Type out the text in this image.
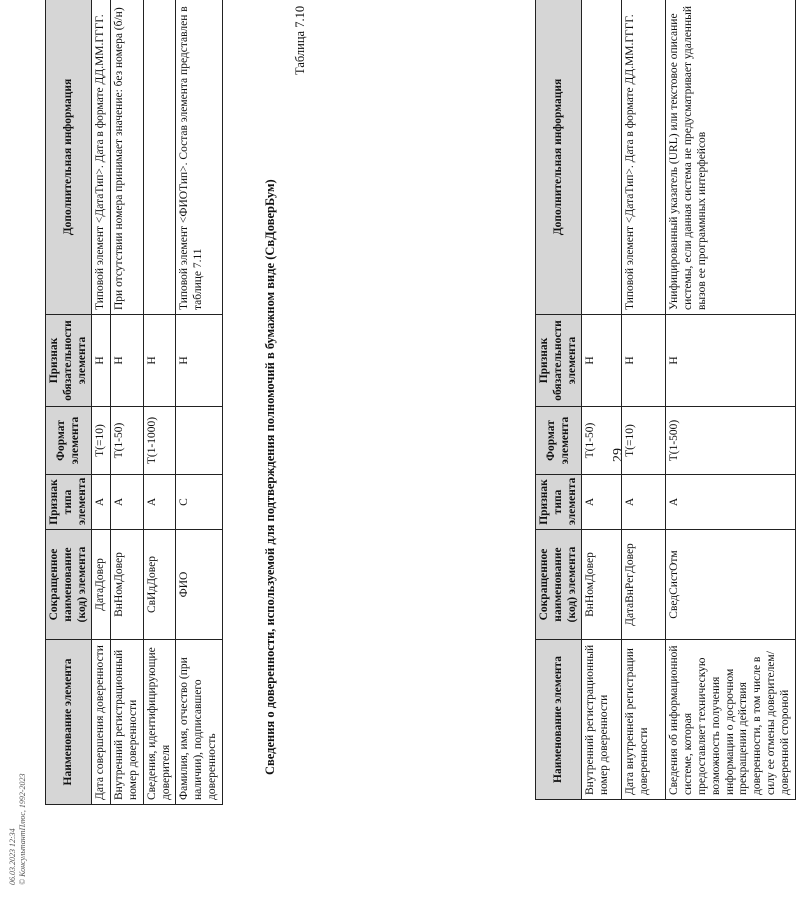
29
Наименование элемента	Сокращенное наименование (код) элемента	Признак типа элемента	Формат элемента	Признак обязательности элемента	Дополнительная информация
Внутренний регистрационный номер доверенности	ВнНомДовер	А	T(1-50)	Н	
Дата внутренней регистрации доверенности	ДатаВнРегДовер	А	T(=10)	Н	Типовой элемент <ДатаТип>. Дата в формате ДД.ММ.ГГГГ.
Сведения об информационной системе, которая предоставляет техническую возможность получения информации о досрочном прекращении действия доверенности, в том числе в силу ее отмены доверителем/доверенной стороной	СведСистОтм	А	T(1-500)	Н	Унифицированный указатель (URL) или текстовое описание системы, если данная система не предусматривает удаленный вызов ее программных интерфейсов
Таблица 7.10
Сведения о доверенности, используемой для подтверждения полномочий в бумажном виде (СвДоверБум)
Наименование элемента	Сокращенное наименование (код) элемента	Признак типа элемента	Формат элемента	Признак обязательности элемента	Дополнительная информация
Дата совершения доверенности	ДатаДовер	А	T(=10)	Н	Типовой элемент <ДатаТип>. Дата в формате ДД.ММ.ГГГГ.
Внутренний регистрационный номер доверенности	ВнНомДовер	А	T(1-50)	Н	При отсутствии номера принимает значение: без номера (б/н)
Сведения, идентифицирующие доверителя	СвИдДовер	А	T(1-1000)	Н	
Фамилия, имя, отчество (при наличии), подписавшего доверенность	ФИО	С		Н	Типовой элемент <ФИОТип>. Состав элемента представлен в таблице 7.11
06.03.2023 12:34 © КонсультантПлюс, 1992-2023
